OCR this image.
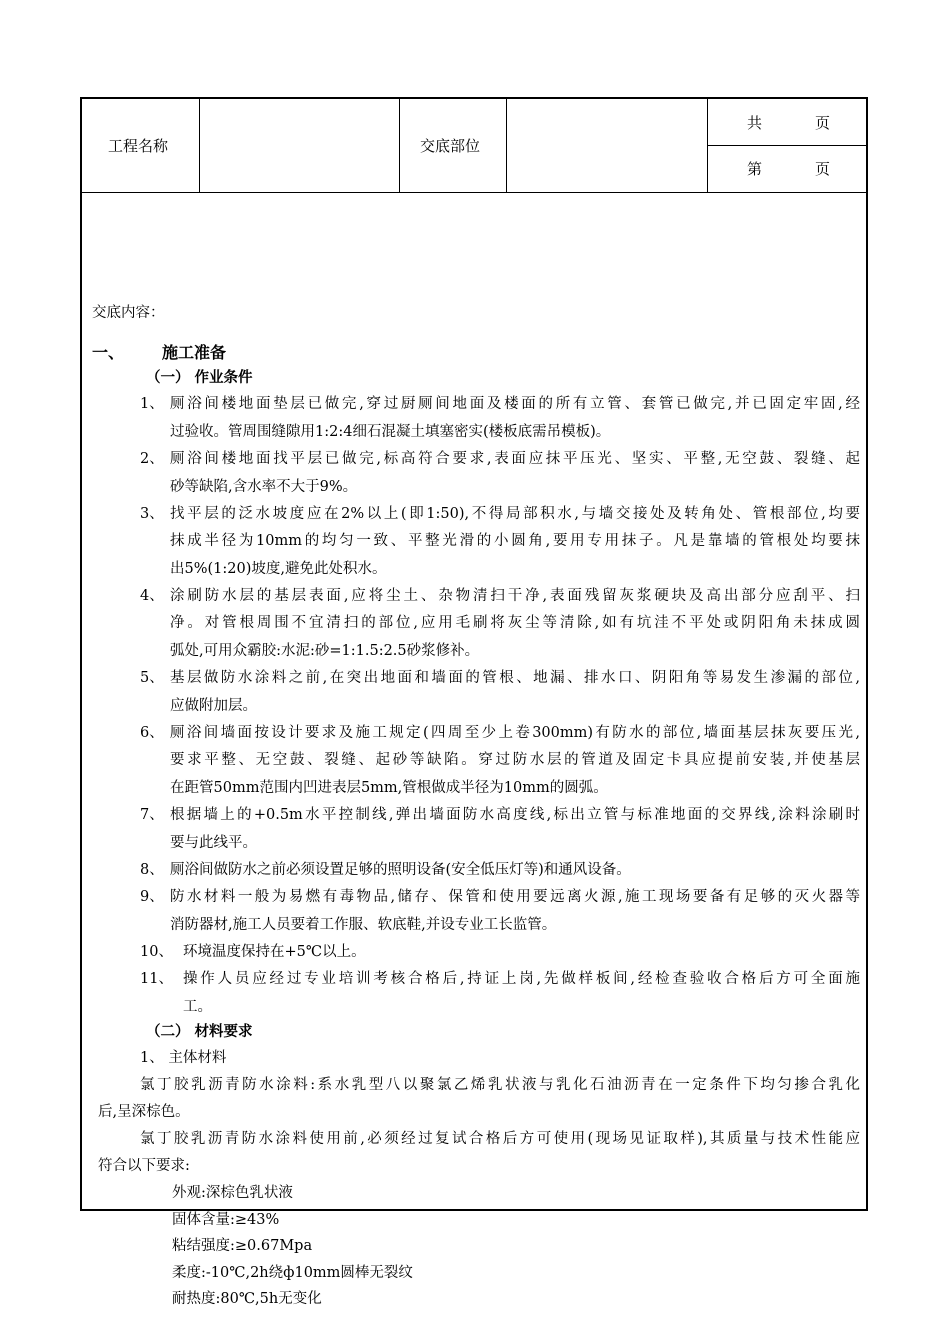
工程名称	交底部位
共	页
第	页
交底内容：
一、 施工准备
（一） 作业条件
1、 厕浴间楼地面垫层已做完,穿过厨厕间地面及楼面的所有立管、套管已做完,并已固定牢固,经
过验收。管周围缝隙用1:2:4细石混凝土填塞密实(楼板底需吊模板)。
2、 厕浴间楼地面找平层已做完,标高符合要求,表面应抹平压光、坚实、平整,无空鼓、裂缝、起
砂等缺陷,含水率不大于9%。
3、 找平层的泛水坡度应在2%以上(即1:50),不得局部积水,与墙交接处及转角处、管根部位,均要
抹成半径为10mm的均匀一致、平整光滑的小圆角,要用专用抹子。凡是靠墙的管根处均要抹
出5%(1:20)坡度,避免此处积水。
4、 涂刷防水层的基层表面,应将尘土、杂物清扫干净,表面残留灰浆硬块及高出部分应刮平、扫
净。对管根周围不宜清扫的部位,应用毛刷将灰尘等清除,如有坑洼不平处或阴阳角未抹成圆
弧处,可用众霸胶:水泥:砂=1:1.5:2.5砂浆修补。
5、 基层做防水涂料之前,在突出地面和墙面的管根、地漏、排水口、阴阳角等易发生渗漏的部位,
应做附加层。
6、 厕浴间墙面按设计要求及施工规定(四周至少上卷300mm)有防水的部位,墙面基层抹灰要压光,
要求平整、无空鼓、裂缝、起砂等缺陷。穿过防水层的管道及固定卡具应提前安装,并使基层
在距管50mm范围内凹进表层5mm,管根做成半径为10mm的圆弧。
7、 根据墙上的+0.5m水平控制线,弹出墙面防水高度线,标出立管与标准地面的交界线,涂料涂刷时
要与此线平。
8、 厕浴间做防水之前必须设置足够的照明设备(安全低压灯等)和通风设备。
9、 防水材料一般为易燃有毒物品,储存、保管和使用要远离火源,施工现场要备有足够的灭火器等
消防器材,施工人员要着工作服、软底鞋,并设专业工长监管。
10、 环境温度保持在+5℃以上。
11、 操作人员应经过专业培训考核合格后,持证上岗,先做样板间,经检查验收合格后方可全面施
工。
（二） 材料要求
1、 主体材料
氯丁胶乳沥青防水涂料:系水乳型八以聚氯乙烯乳状液与乳化石油沥青在一定条件下均匀掺合乳化
后,呈深棕色。
氯丁胶乳沥青防水涂料使用前,必须经过复试合格后方可使用(现场见证取样),其质量与技术性能应
符合以下要求:
外观:深棕色乳状液
固体含量:≥43%
粘结强度:≥0.67Mpa
柔度:-10℃,2h绕ф10mm圆棒无裂纹
耐热度:80℃,5h无变化
